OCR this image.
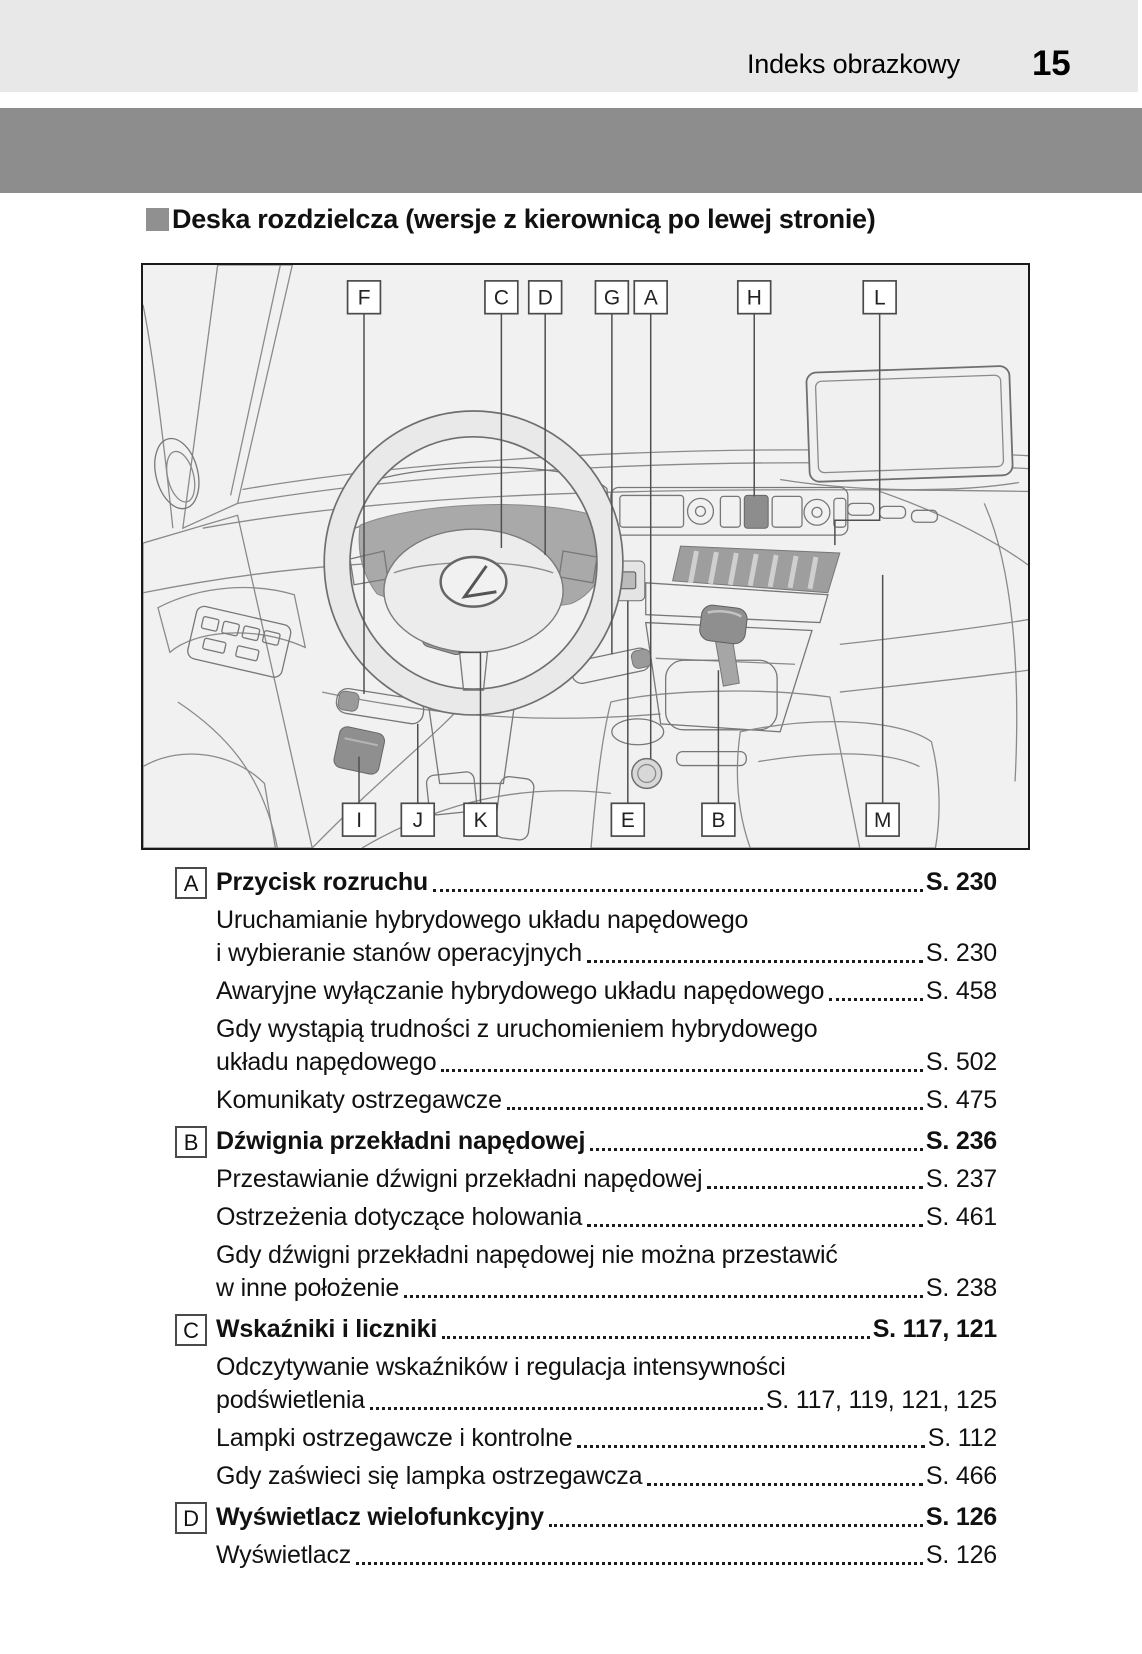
Indeks obrazkowy 15
Deska rozdzielcza (wersje z kierownicą po lewej stronie)
F	C D G A	H	L
I J K	E	B	M
A Przycisk rozruchu	S. 230
Uruchamianie hybrydowego układu napędowego
i wybieranie stanów operacyjnych	S. 230
Awaryjne wyłączanie hybrydowego układu napędowego	S. 458
Gdy wystąpią trudności z uruchomieniem hybrydowego
układu napędowego	S. 502
Komunikaty ostrzegawcze	S. 475
B Dźwignia przekładni napędowej	S. 236
Przestawianie dźwigni przekładni napędowej	S. 237
Ostrzeżenia dotyczące holowania	S. 461
Gdy dźwigni przekładni napędowej nie można przestawić
w inne położenie	S. 238
C Wskaźniki i liczniki	S. 117, 121
Odczytywanie wskaźników i regulacja intensywności
podświetlenia	S. 117, 119, 121, 125
Lampki ostrzegawcze i kontrolne	S. 112
Gdy zaświeci się lampka ostrzegawcza	S. 466
D Wyświetlacz wielofunkcyjny	S. 126
Wyświetlacz	S. 126
